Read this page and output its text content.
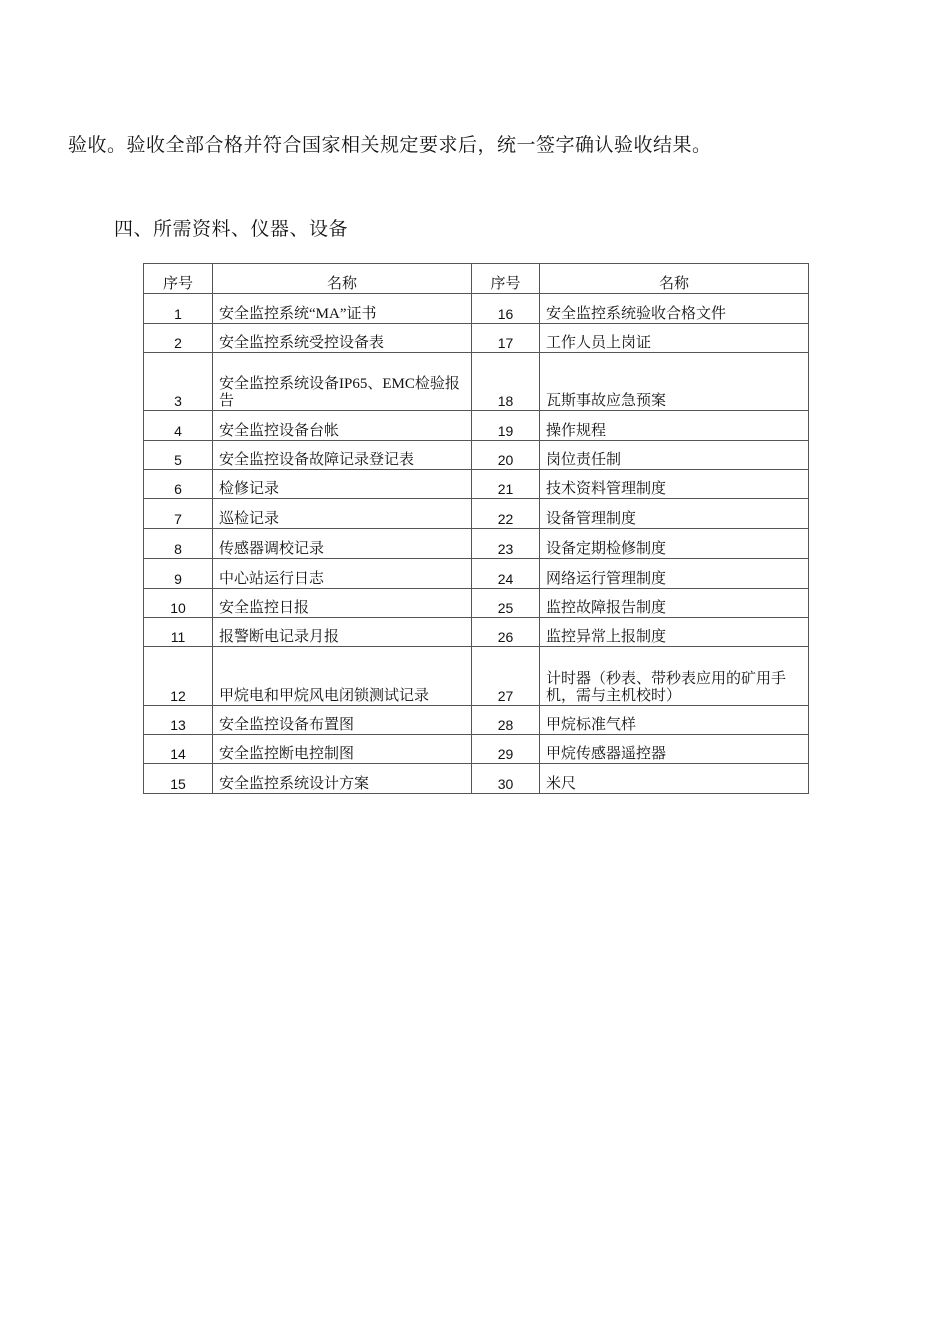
验收。验收全部合格并符合国家相关规定要求后，统一签字确认验收结果。
四、所需资料、仪器、设备
序号	名称	序号	名称
1	安全监控系统“MA”证书	16	安全监控系统验收合格文件
2	安全监控系统受控设备表	17	工作人员上岗证
3	安全监控系统设备IP65、EMC检验报告	18	瓦斯事故应急预案
4	安全监控设备台帐	19	操作规程
5	安全监控设备故障记录登记表	20	岗位责任制
6	检修记录	21	技术资料管理制度
7	巡检记录	22	设备管理制度
8	传感器调校记录	23	设备定期检修制度
9	中心站运行日志	24	网络运行管理制度
10	安全监控日报	25	监控故障报告制度
11	报警断电记录月报	26	监控异常上报制度
12	甲烷电和甲烷风电闭锁测试记录	27	计时器（秒表、带秒表应用的矿用手机，需与主机校时）
13	安全监控设备布置图	28	甲烷标准气样
14	安全监控断电控制图	29	甲烷传感器遥控器
15	安全监控系统设计方案	30	米尺
